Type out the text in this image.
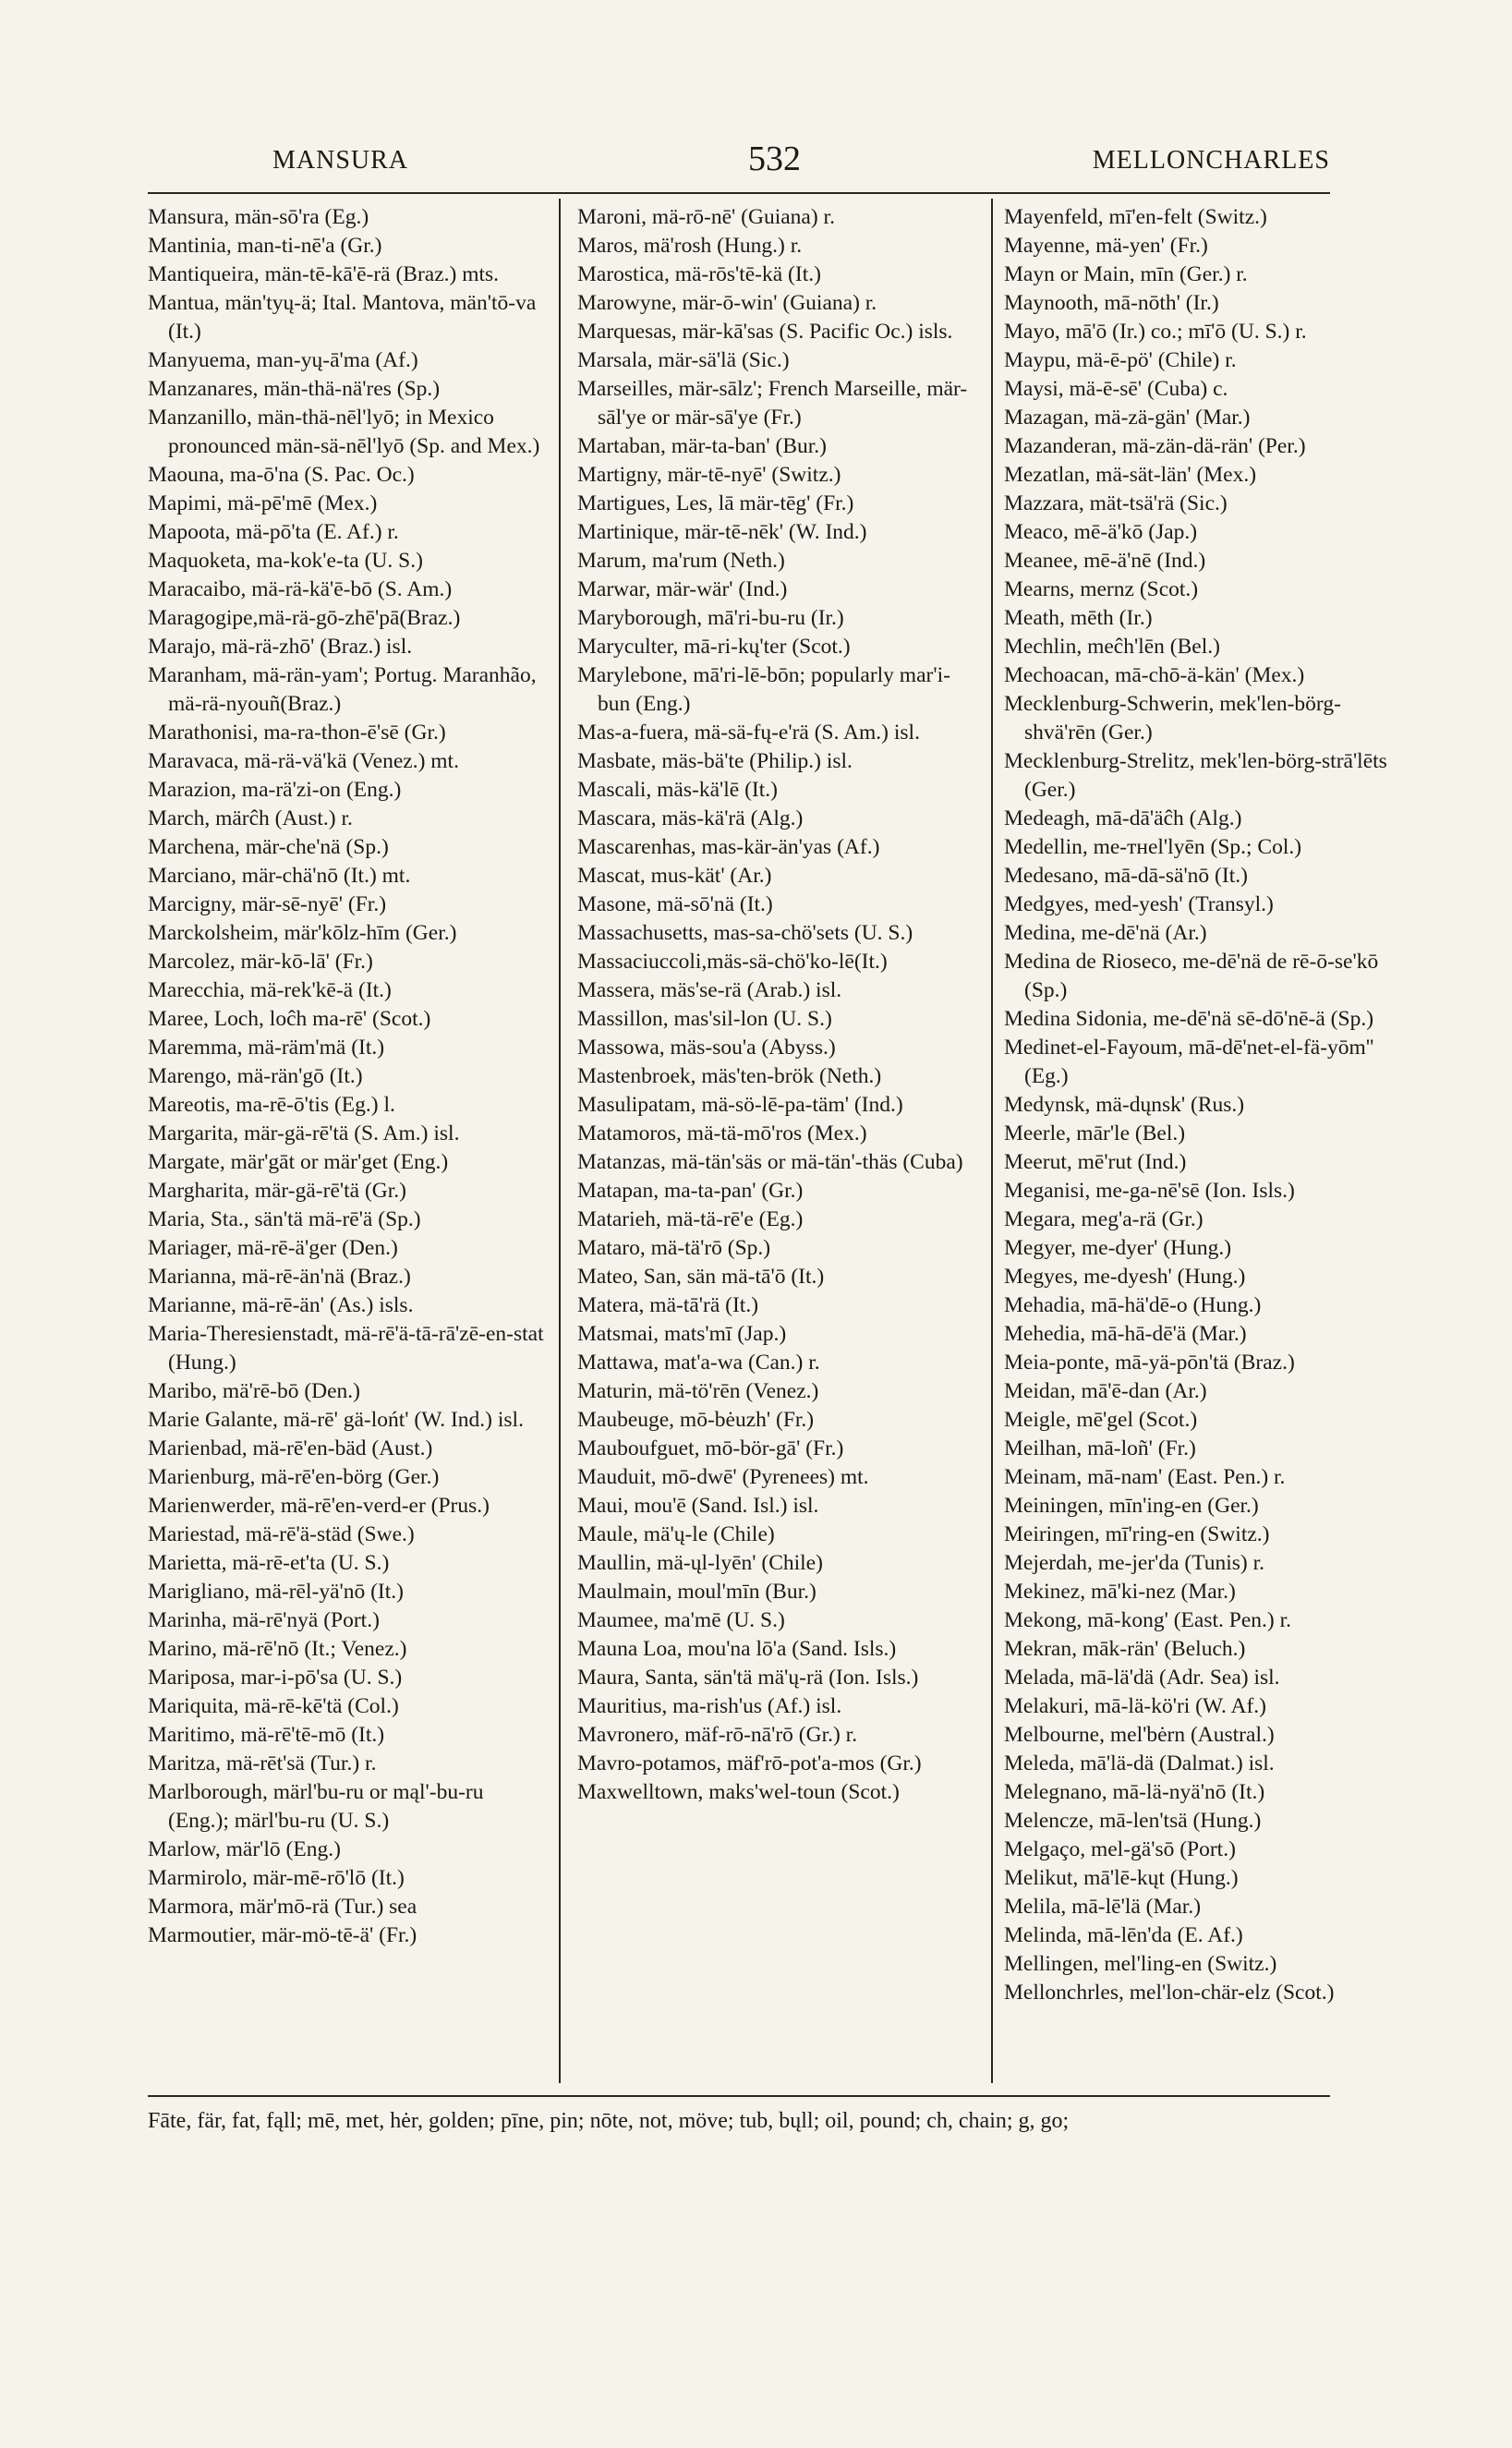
MANSURA	532	MELLONCHARLES

Mansura, män-sō'ra (Eg.)

Mantinia, man-ti-nē'a (Gr.)

Mantiqueira, män-tē-kā'ē-rä (Braz.) mts.

Mantua, män'tyų-ä; Ital. Mantova, män'tō-va (It.)

Manyuema, man-yų-ā'ma (Af.)

Manzanares, män-thä-nä'res (Sp.)

Manzanillo, män-thä-nēl'lyō; in Mexico pronounced män-sä-nēl'lyō (Sp. and Mex.)

Maouna, ma-ō'na (S. Pac. Oc.)

Mapimi, mä-pē'mē (Mex.)

Mapoota, mä-pō'ta (E. Af.) r.

Maquoketa, ma-kok'e-ta (U. S.)

Maracaibo, mä-rä-kä'ē-bō (S. Am.)

Maragogipe,mä-rä-gō-zhē'pā(Braz.)

Marajo, mä-rä-zhō' (Braz.) isl.

Maranham, mä-rän-yam'; Portug. Maranhão, mä-rä-nyouñ(Braz.)

Marathonisi, ma-ra-thon-ē'sē (Gr.)

Maravaca, mä-rä-vä'kä (Venez.) mt.

Marazion, ma-rä'zi-on (Eng.)

March, märĉh (Aust.) r.

Marchena, mär-che'nä (Sp.)

Marciano, mär-chä'nō (It.) mt.

Marcigny, mär-sē-nyē' (Fr.)

Marckolsheim, mär'kōlz-hīm (Ger.)

Marcolez, mär-kō-lā' (Fr.)

Marecchia, mä-rek'kē-ä (It.)

Maree, Loch, loĉh ma-rē' (Scot.)

Maremma, mä-räm'mä (It.)

Marengo, mä-rän'gō (It.)

Mareotis, ma-rē-ō'tis (Eg.) l.

Margarita, mär-gä-rē'tä (S. Am.) isl.

Margate, mär'gāt or mär'get (Eng.)

Margharita, mär-gä-rē'tä (Gr.)

Maria, Sta., sän'tä mä-rē'ä (Sp.)

Mariager, mä-rē-ä'ger (Den.)

Marianna, mä-rē-än'nä (Braz.)

Marianne, mä-rē-än' (As.) isls.

Maria-Theresienstadt, mä-rē'ä-tā-rā'zē-en-stat (Hung.)

Maribo, mä'rē-bō (Den.)

Marie Galante, mä-rē' gä-lońt' (W. Ind.) isl.

Marienbad, mä-rē'en-bäd (Aust.)

Marienburg, mä-rē'en-börg (Ger.)

Marienwerder, mä-rē'en-verd-er (Prus.)

Mariestad, mä-rē'ä-städ (Swe.)

Marietta, mä-rē-et'ta (U. S.)

Marigliano, mä-rēl-yä'nō (It.)

Marinha, mä-rē'nyä (Port.)

Marino, mä-rē'nō (It.; Venez.)

Mariposa, mar-i-pō'sa (U. S.)

Mariquita, mä-rē-kē'tä (Col.)

Maritimo, mä-rē'tē-mō (It.)

Maritza, mä-rēt'sä (Tur.) r.

Marlborough, märl'bu-ru or mąl'-bu-ru (Eng.); märl'bu-ru (U. S.)

Marlow, mär'lō (Eng.)

Marmirolo, mär-mē-rō'lō (It.)

Marmora, mär'mō-rä (Tur.) sea

Marmoutier, mär-mö-tē-ä' (Fr.)

Maroni, mä-rō-nē' (Guiana) r.

Maros, mä'rosh (Hung.) r.

Marostica, mä-rōs'tē-kä (It.)

Marowyne, mär-ō-win' (Guiana) r.

Marquesas, mär-kā'sas (S. Pacific Oc.) isls.

Marsala, mär-sä'lä (Sic.)

Marseilles, mär-sālz'; French Marseille, mär-sāl'ye or mär-sā'ye (Fr.)

Martaban, mär-ta-ban' (Bur.)

Martigny, mär-tē-nyē' (Switz.)

Martigues, Les, lā mär-tēg' (Fr.)

Martinique, mär-tē-nēk' (W. Ind.)

Marum, ma'rum (Neth.)

Marwar, mär-wär' (Ind.)

Maryborough, mā'ri-bu-ru (Ir.)

Maryculter, mā-ri-kų'ter (Scot.)

Marylebone, mā'ri-lē-bōn; popularly mar'i-bun (Eng.)

Mas-a-fuera, mä-sä-fų-e'rä (S. Am.) isl.

Masbate, mäs-bä'te (Philip.) isl.

Mascali, mäs-kä'lē (It.)

Mascara, mäs-kä'rä (Alg.)

Mascarenhas, mas-kär-än'yas (Af.)

Mascat, mus-kät' (Ar.)

Masone, mä-sō'nä (It.)

Massachusetts, mas-sa-chö'sets (U. S.)

Massaciuccoli,mäs-sä-chö'ko-lē(It.)

Massera, mäs'se-rä (Arab.) isl.

Massillon, mas'sil-lon (U. S.)

Massowa, mäs-sou'a (Abyss.)

Mastenbroek, mäs'ten-brök (Neth.)

Masulipatam, mä-sö-lē-pa-täm' (Ind.)

Matamoros, mä-tä-mō'ros (Mex.)

Matanzas, mä-tän'säs or mä-tän'-thäs (Cuba)

Matapan, ma-ta-pan' (Gr.)

Matarieh, mä-tä-rē'e (Eg.)

Mataro, mä-tä'rō (Sp.)

Mateo, San, sän mä-tā'ō (It.)

Matera, mä-tā'rä (It.)

Matsmai, mats'mī (Jap.)

Mattawa, mat'a-wa (Can.) r.

Maturin, mä-tö'rēn (Venez.)

Maubeuge, mō-bėuzh' (Fr.)

Mauboufguet, mō-bör-gā' (Fr.)

Mauduit, mō-dwē' (Pyrenees) mt.

Maui, mou'ē (Sand. Isl.) isl.

Maule, mä'ų-le (Chile)

Maullin, mä-ųl-lyēn' (Chile)

Maulmain, moul'mīn (Bur.)

Maumee, ma'mē (U. S.)

Mauna Loa, mou'na lō'a (Sand. Isls.)

Maura, Santa, sän'tä mä'ų-rä (Ion. Isls.)

Mauritius, ma-rish'us (Af.) isl.

Mavronero, mäf-rō-nā'rō (Gr.) r.

Mavro-potamos, mäf'rō-pot'a-mos (Gr.)

Maxwelltown, maks'wel-toun (Scot.)

Mayenfeld, mī'en-felt (Switz.)

Mayenne, mä-yen' (Fr.)

Mayn or Main, mīn (Ger.) r.

Maynooth, mā-nōth' (Ir.)

Mayo, mā'ō (Ir.) co.; mī'ō (U. S.) r.

Maypu, mä-ē-pö' (Chile) r.

Maysi, mä-ē-sē' (Cuba) c.

Mazagan, mä-zä-gän' (Mar.)

Mazanderan, mä-zän-dä-rän' (Per.)

Mezatlan, mä-sät-län' (Mex.)

Mazzara, mät-tsä'rä (Sic.)

Meaco, mē-ä'kō (Jap.)

Meanee, mē-ä'nē (Ind.)

Mearns, mernz (Scot.)

Meath, mēth (Ir.)

Mechlin, meĉh'lēn (Bel.)

Mechoacan, mā-chō-ä-kän' (Mex.)

Mecklenburg-Schwerin, mek'len-börg-shvä'rēn (Ger.)

Mecklenburg-Strelitz, mek'len-börg-strā'lēts (Ger.)

Medeagh, mā-dā'äĉh (Alg.)

Medellin, me-ᴛʜel'lyēn (Sp.; Col.)

Medesano, mā-dā-sä'nō (It.)

Medgyes, med-yesh' (Transyl.)

Medina, me-dē'nä (Ar.)

Medina de Rioseco, me-dē'nä de rē-ō-se'kō (Sp.)

Medina Sidonia, me-dē'nä sē-dō'nē-ä (Sp.)

Medinet-el-Fayoum, mā-dē'net-el-fä-yōm'' (Eg.)

Medynsk, mä-dųnsk' (Rus.)

Meerle, mār'le (Bel.)

Meerut, mē'rut (Ind.)

Meganisi, me-ga-nē'sē (Ion. Isls.)

Megara, meg'a-rä (Gr.)

Megyer, me-dyer' (Hung.)

Megyes, me-dyesh' (Hung.)

Mehadia, mā-hä'dē-o (Hung.)

Mehedia, mā-hā-dē'ä (Mar.)

Meia-ponte, mā-yä-pōn'tä (Braz.)

Meidan, mā'ē-dan (Ar.)

Meigle, mē'gel (Scot.)

Meilhan, mā-loñ' (Fr.)

Meinam, mā-nam' (East. Pen.) r.

Meiningen, mīn'ing-en (Ger.)

Meiringen, mī'ring-en (Switz.)

Mejerdah, me-jer'da (Tunis) r.

Mekinez, mā'ki-nez (Mar.)

Mekong, mā-kong' (East. Pen.) r.

Mekran, māk-rän' (Beluch.)

Melada, mā-lä'dä (Adr. Sea) isl.

Melakuri, mā-lä-kö'ri (W. Af.)

Melbourne, mel'bėrn (Austral.)

Meleda, mā'lä-dä (Dalmat.) isl.

Melegnano, mā-lä-nyä'nō (It.)

Melencze, mā-len'tsä (Hung.)

Melgaço, mel-gä'sō (Port.)

Melikut, mā'lē-kųt (Hung.)

Melila, mā-lē'lä (Mar.)

Melinda, mā-lēn'da (E. Af.)

Mellingen, mel'ling-en (Switz.)

Mellonchrles, mel'lon-chär-elz (Scot.)

Fāte, fär, fat, fąll; mē, met, hėr, golden; pīne, pin; nōte, not, möve; tub, bųll; oil, pound; ch, chain; g, go;
